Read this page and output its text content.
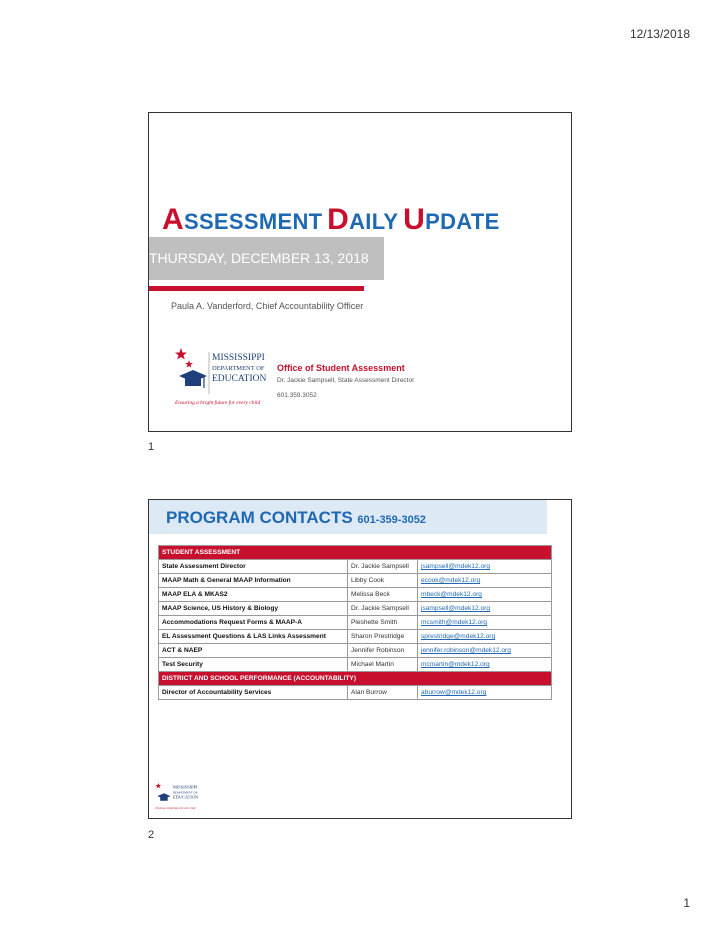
12/13/2018
ASSESSMENT DAILY UPDATE
THURSDAY, DECEMBER 13, 2018
Paula A. Vanderford, Chief Accountability Officer
MISSISSIPPI
DEPARTMENT OF
EDUCATION
Ensuring a bright future for every child
Office of Student Assessment
Dr. Jackie Sampsell, State Assessment Director
601.359.3052
1
PROGRAM CONTACTS 601-359-3052
STUDENT ASSESSMENT		
State Assessment Director	Dr. Jackie Sampsell	jsampsell@mdek12.org
MAAP Math & General MAAP Information	Libby Cook	ecook@mdek12.org
MAAP ELA & MKAS2	Melissa Beck	mbeck@mdek12.org
MAAP Science, US History & Biology	Dr. Jackie Sampsell	jsampsell@mdek12.org
Accommodations Request Forms & MAAP-A	Pleshette Smith	mcsmith@mdek12.org
EL Assessment Questions & LAS Links Assessment	Sharon Prestridge	sprestridge@mdek12.org
ACT & NAEP	Jennifer Robinson	jennifer.robinson@mdek12.org
Test Security	Michael Martin	mcmartin@mdek12.org
DISTRICT AND SCHOOL PERFORMANCE (ACCOUNTABILITY)		
Director of Accountability Services	Alan Burrow	aburrow@mdek12.org
MISSISSIPPI
DEPARTMENT OF
EDUCATION
Ensuring a bright future for every child
2
1
